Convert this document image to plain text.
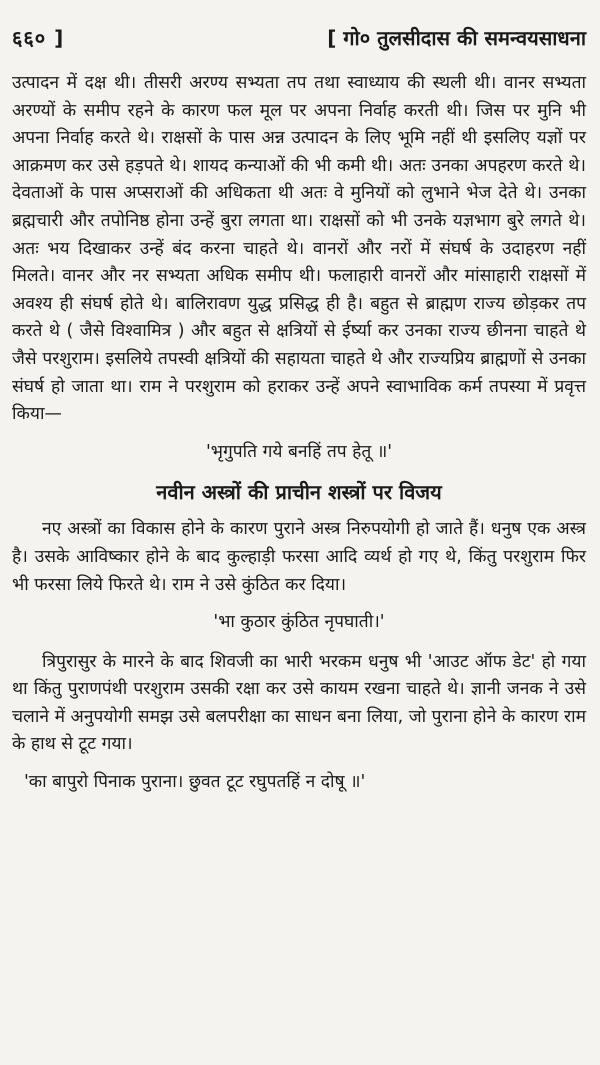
६६० ]	[ गो० तुलसीदास की समन्वयसाधना

उत्पादन में दक्ष थी। तीसरी अरण्य सभ्यता तप तथा स्वाध्याय की स्थली थी। वानर सभ्यता अरण्यों के समीप रहने के कारण फल मूल पर अपना निर्वाह करती थी। जिस पर मुनि भी अपना निर्वाह करते थे। राक्षसों के पास अन्न उत्पादन के लिए भूमि नहीं थी इसलिए यज्ञों पर आक्रमण कर उसे हड़पते थे। शायद कन्याओं की भी कमी थी। अतः उनका अपहरण करते थे। देवताओं के पास अप्सराओं की अधिकता थी अतः वे मुनियों को लुभाने भेज देते थे। उनका ब्रह्मचारी और तपोनिष्ठ होना उन्हें बुरा लगता था। राक्षसों को भी उनके यज्ञभाग बुरे लगते थे। अतः भय दिखाकर उन्हें बंद करना चाहते थे। वानरों और नरों में संघर्ष के उदाहरण नहीं मिलते। वानर और नर सभ्यता अधिक समीप थी। फलाहारी वानरों और मांसाहारी राक्षसों में अवश्य ही संघर्ष होते थे। बालिरावण युद्ध प्रसिद्ध ही है। बहुत से ब्राह्मण राज्य छोड़कर तप करते थे ( जैसे विश्वामित्र ) और बहुत से क्षत्रियों से ईर्ष्या कर उनका राज्य छीनना चाहते थे जैसे परशुराम। इसलिये तपस्वी क्षत्रियों की सहायता चाहते थे और राज्यप्रिय ब्राह्मणों से उनका संघर्ष हो जाता था। राम ने परशुराम को हराकर उन्हें अपने स्वाभाविक कर्म तपस्या में प्रवृत्त किया—

'भृगुपति गये बनहिं तप हेतू ॥'
नवीन अस्त्रों की प्राचीन शस्त्रों पर विजय

नए अस्त्रों का विकास होने के कारण पुराने अस्त्र निरुपयोगी हो जाते हैं। धनुष एक अस्त्र है। उसके आविष्कार होने के बाद कुल्हाड़ी फरसा आदि व्यर्थ हो गए थे, किंतु परशुराम फिर भी फरसा लिये फिरते थे। राम ने उसे कुंठित कर दिया।

'भा कुठार कुंठित नृपघाती।'

त्रिपुरासुर के मारने के बाद शिवजी का भारी भरकम धनुष भी 'आउट ऑफ डेट' हो गया था किंतु पुराणपंथी परशुराम उसकी रक्षा कर उसे कायम रखना चाहते थे। ज्ञानी जनक ने उसे चलाने में अनुपयोगी समझ उसे बलपरीक्षा का साधन बना लिया, जो पुराना होने के कारण राम के हाथ से टूट गया।

'का बापुरो पिनाक पुराना। छुवत टूट रघुपतहिं न दोषू ॥'
